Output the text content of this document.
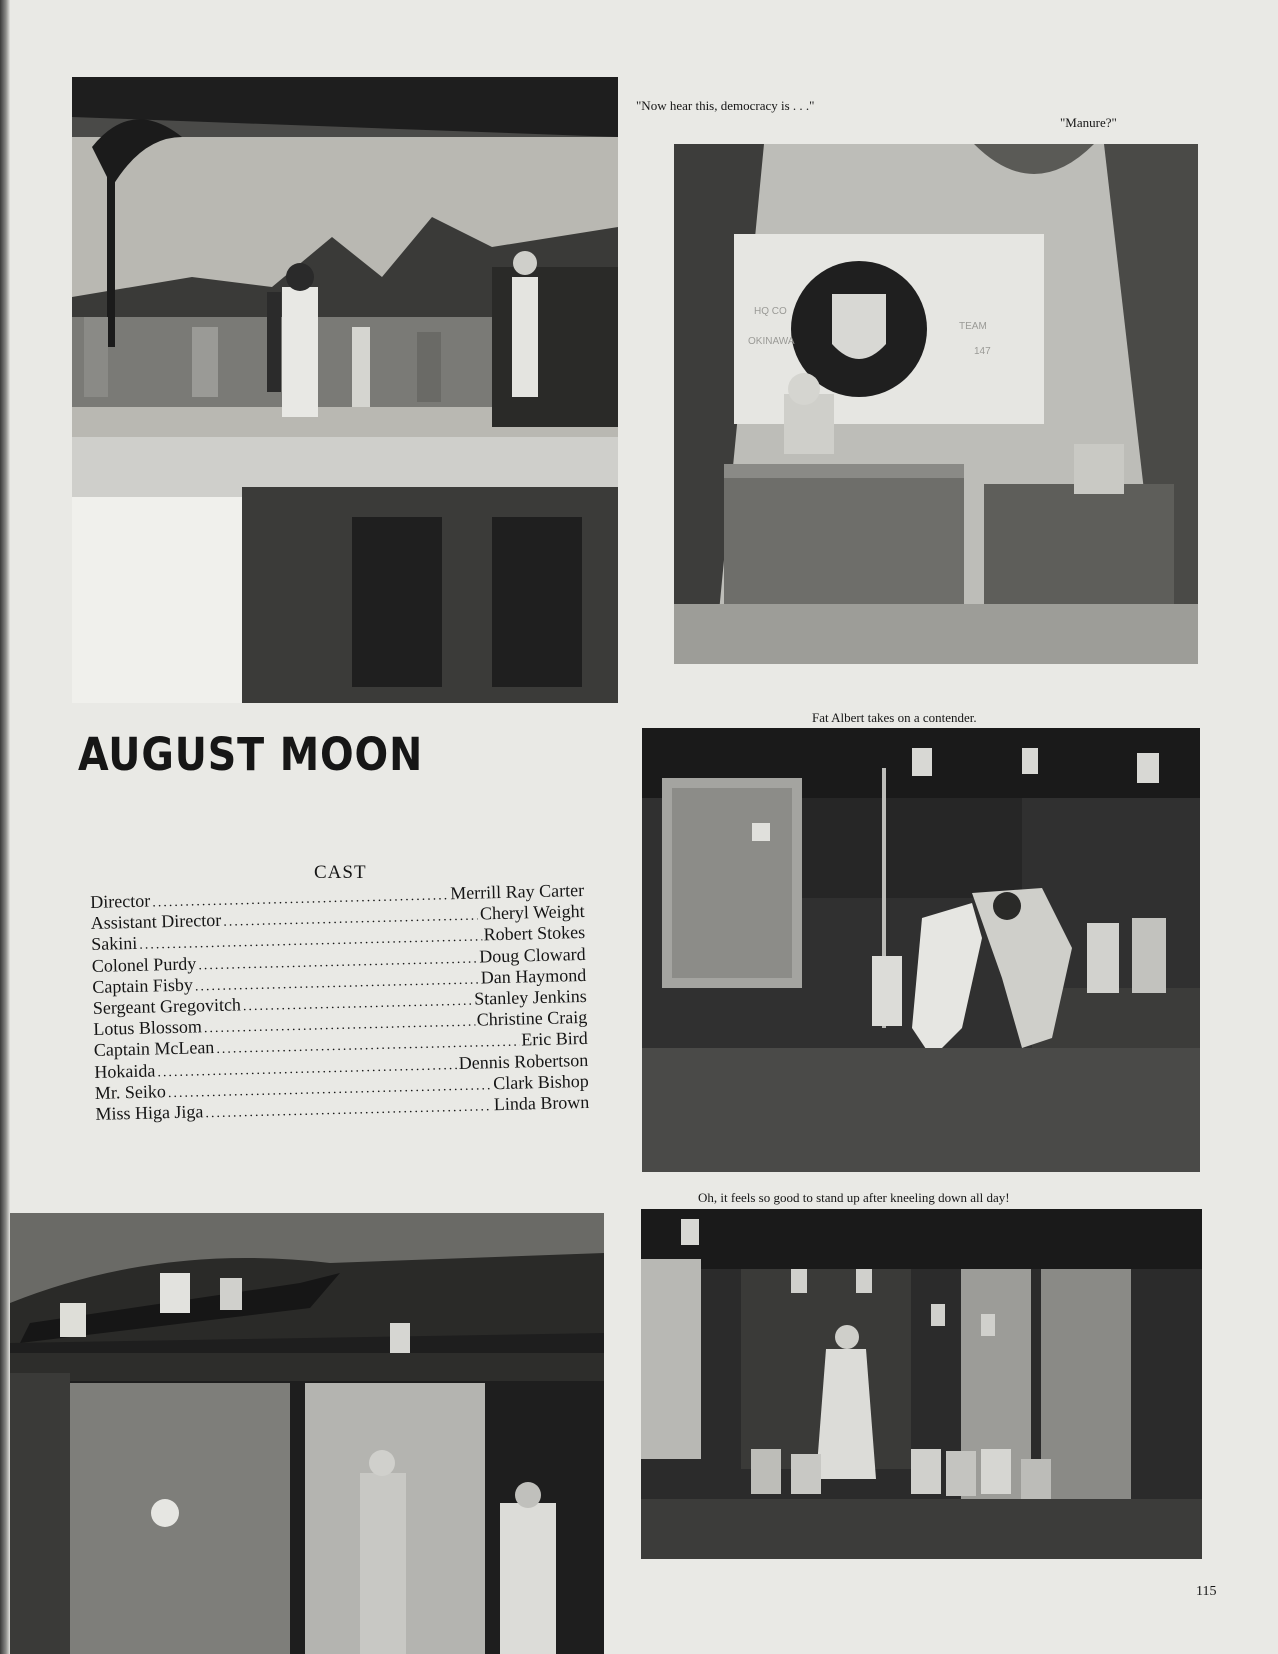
"Now hear this, democracy is . . ."
"Manure?"
HQ CO
OKINAWA
TEAM
147
AUGUST MOON
Fat Albert takes on a contender.
CAST
Director .....	Merrill Ray Carter
Assistant Director .....	Cheryl Weight
Sakini .....	Robert Stokes
Colonel Purdy .....	Doug Cloward
Captain Fisby .....	Dan Haymond
Sergeant Gregovitch .....	Stanley Jenkins
Lotus Blossom .....	Christine Craig
Captain McLean .....	Eric Bird
Hokaida .....	Dennis Robertson
Mr. Seiko .....	Clark Bishop
Miss Higa Jiga .....	Linda Brown
Oh, it feels so good to stand up after kneeling down all day!
115
